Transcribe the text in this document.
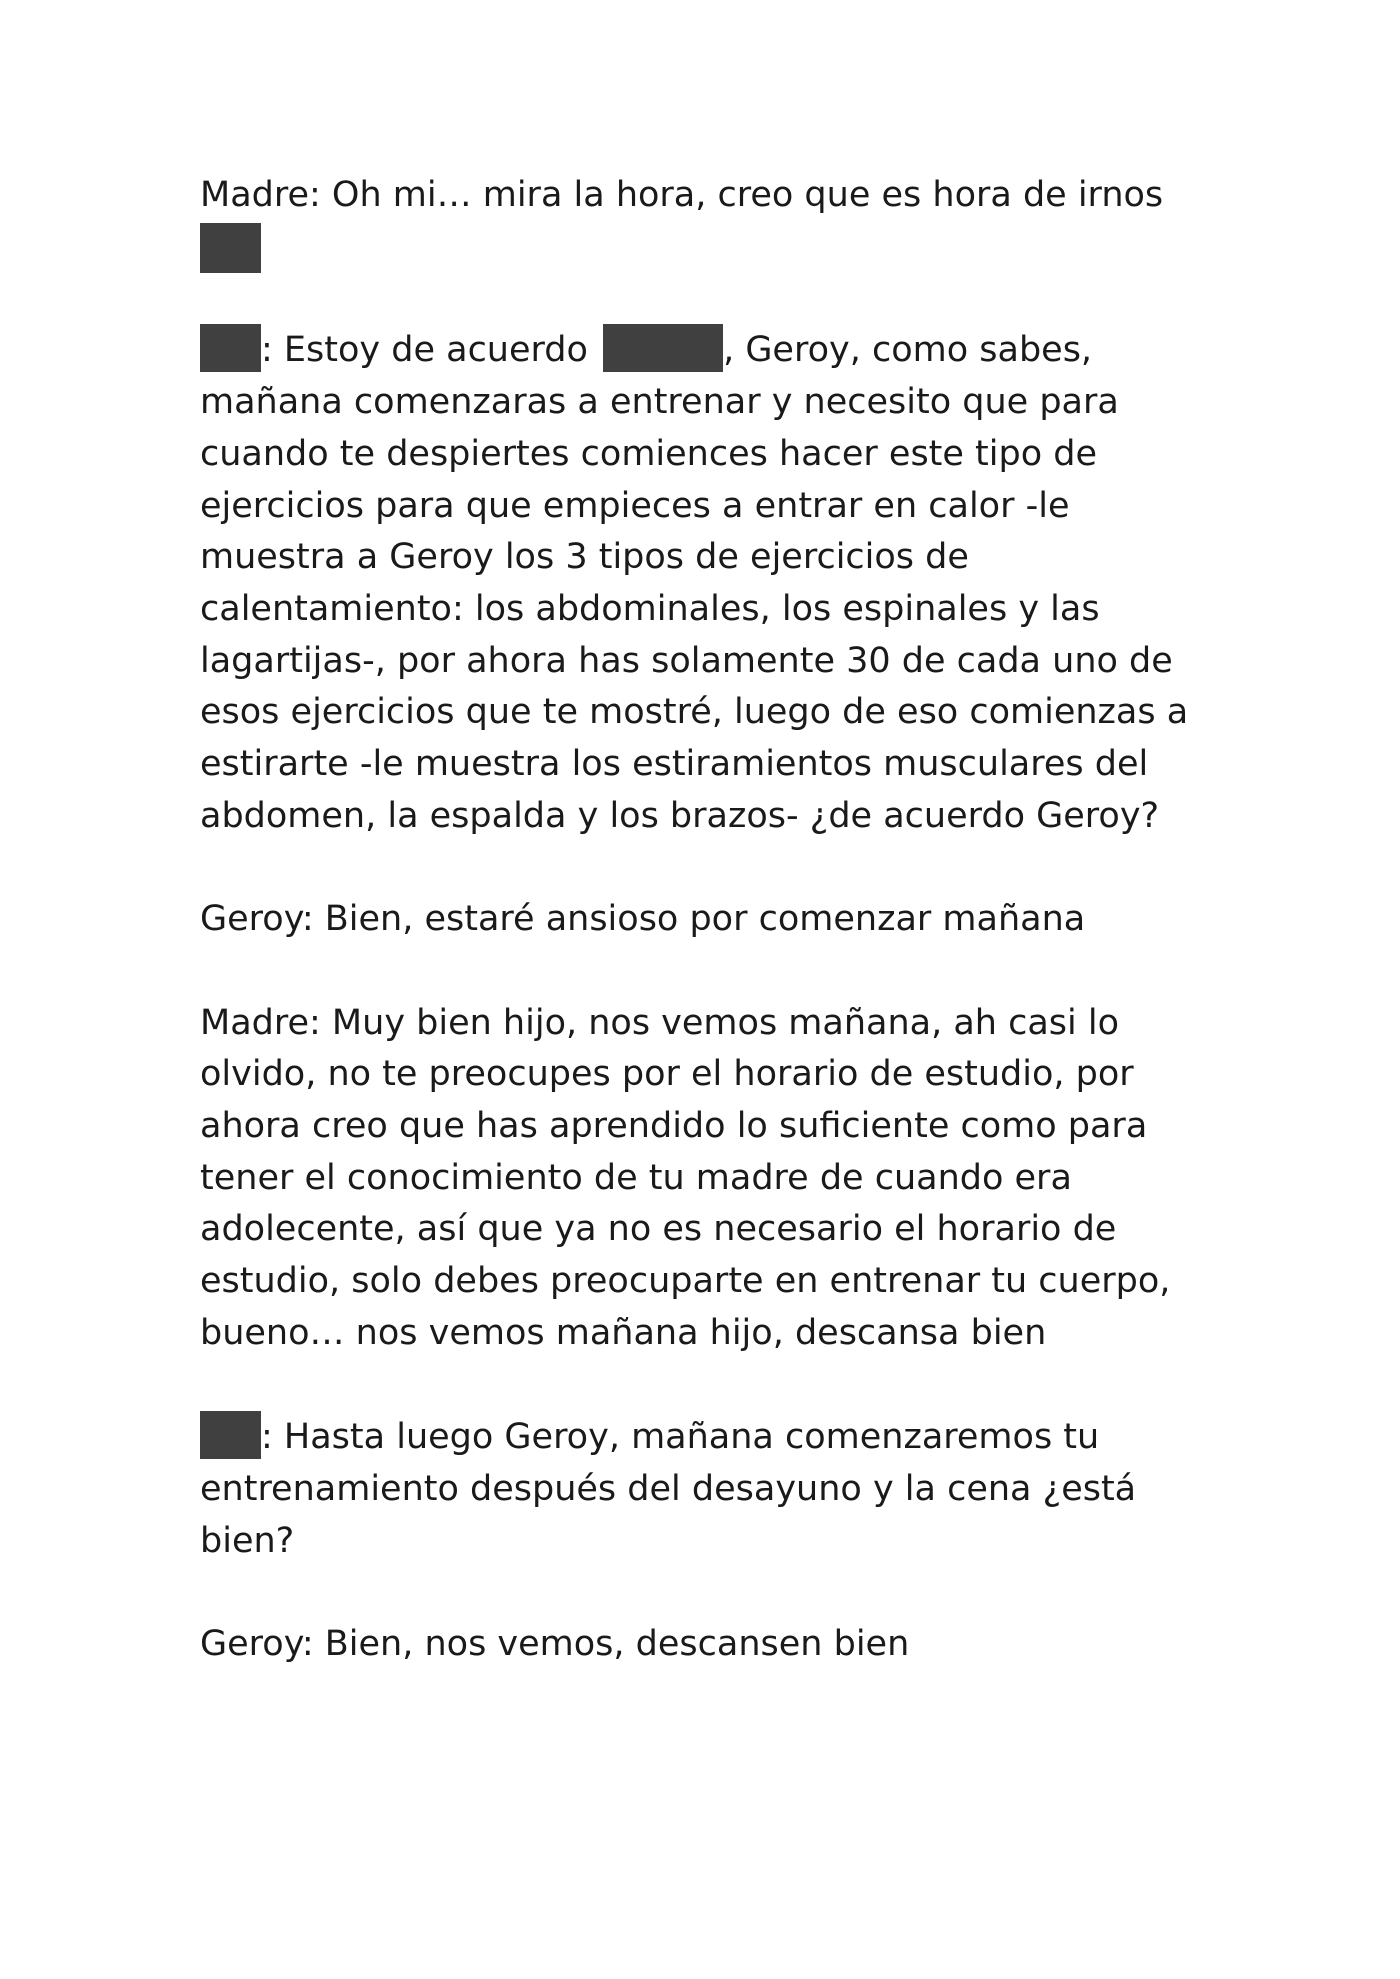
Madre: Oh mi… mira la hora, creo que es hora de irnos

: Estoy de acuerdo	, Geroy, como sabes, mañana comenzaras a entrenar y necesito que para cuando te despiertes comiences hacer este tipo de ejercicios para que empieces a entrar en calor -le muestra a Geroy los 3 tipos de ejercicios de calentamiento: los abdominales, los espinales y las lagartijas-, por ahora has solamente 30 de cada uno de esos ejercicios que te mostré, luego de eso comienzas a estirarte -le muestra los estiramientos musculares del abdomen, la espalda y los brazos- ¿de acuerdo Geroy?

Geroy: Bien, estaré ansioso por comenzar mañana

Madre: Muy bien hijo, nos vemos mañana, ah casi lo olvido, no te preocupes por el horario de estudio, por ahora creo que has aprendido lo suficiente como para tener el conocimiento de tu madre de cuando era adolecente, así que ya no es necesario el horario de estudio, solo debes preocuparte en entrenar tu cuerpo, bueno… nos vemos mañana hijo, descansa bien

: Hasta luego Geroy, mañana comenzaremos tu entrenamiento después del desayuno y la cena ¿está bien?

Geroy: Bien, nos vemos, descansen bien
